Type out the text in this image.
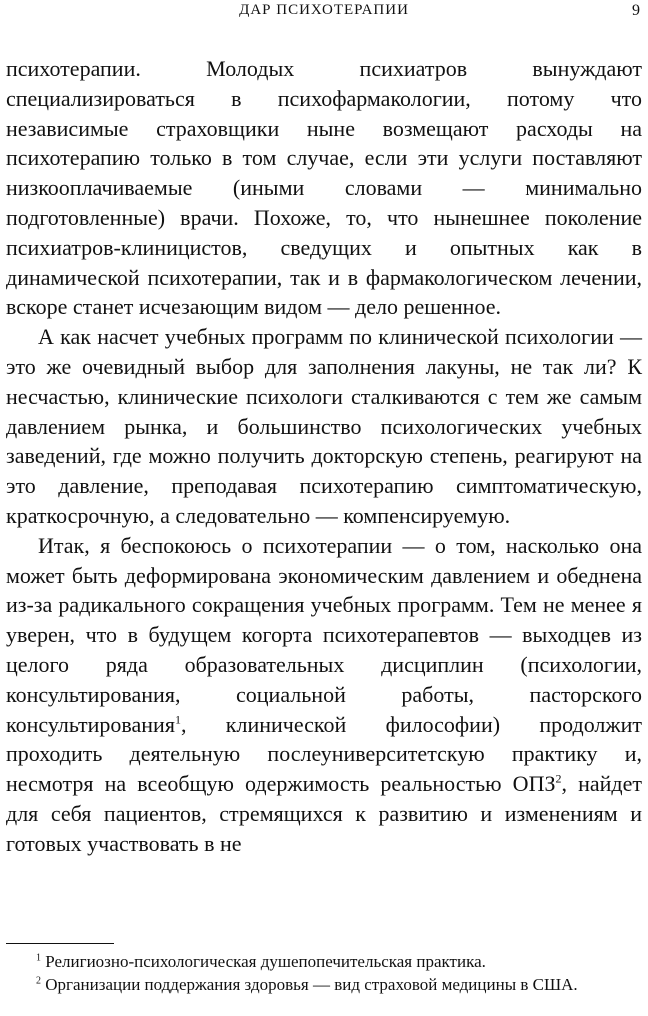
ДАР ПСИХОТЕРАПИИ	9

психотерапии. Молодых психиатров вынуждают специализироваться в психофармакологии, потому что независимые страховщики ныне возмещают расходы на психотерапию только в том случае, если эти услуги поставляют низкооплачиваемые (иными словами — минимально подготовленные) врачи. Похоже, то, что нынешнее поколение психиатров-клиницистов, сведущих и опытных как в динамической психотерапии, так и в фармакологическом лечении, вскоре станет исчезающим видом — дело решенное.

А как насчет учебных программ по клинической психологии — это же очевидный выбор для заполнения лакуны, не так ли? К несчастью, клинические психологи сталкиваются с тем же самым давлением рынка, и большинство психологических учебных заведений, где можно получить докторскую степень, реагируют на это давление, преподавая психотерапию симптоматическую, краткосрочную, а следовательно — компенсируемую.

Итак, я беспокоюсь о психотерапии — о том, насколько она может быть деформирована экономическим давлением и обеднена из-за радикального сокращения учебных программ. Тем не менее я уверен, что в будущем когорта психотерапевтов — выходцев из целого ряда образовательных дисциплин (психологии, консультирования, социальной работы, пасторского консультирования$^1$, клинической философии) продолжит проходить деятельную послеуниверситетскую практику и, несмотря на всеобщую одержимость реальностью ОПЗ$^2$, найдет для себя пациентов, стремящихся к развитию и изменениям и готовых участвовать в не

$^1$ Религиозно-психологическая душепопечительская практика.

$^2$ Организации поддержания здоровья — вид страховой медицины в США.
